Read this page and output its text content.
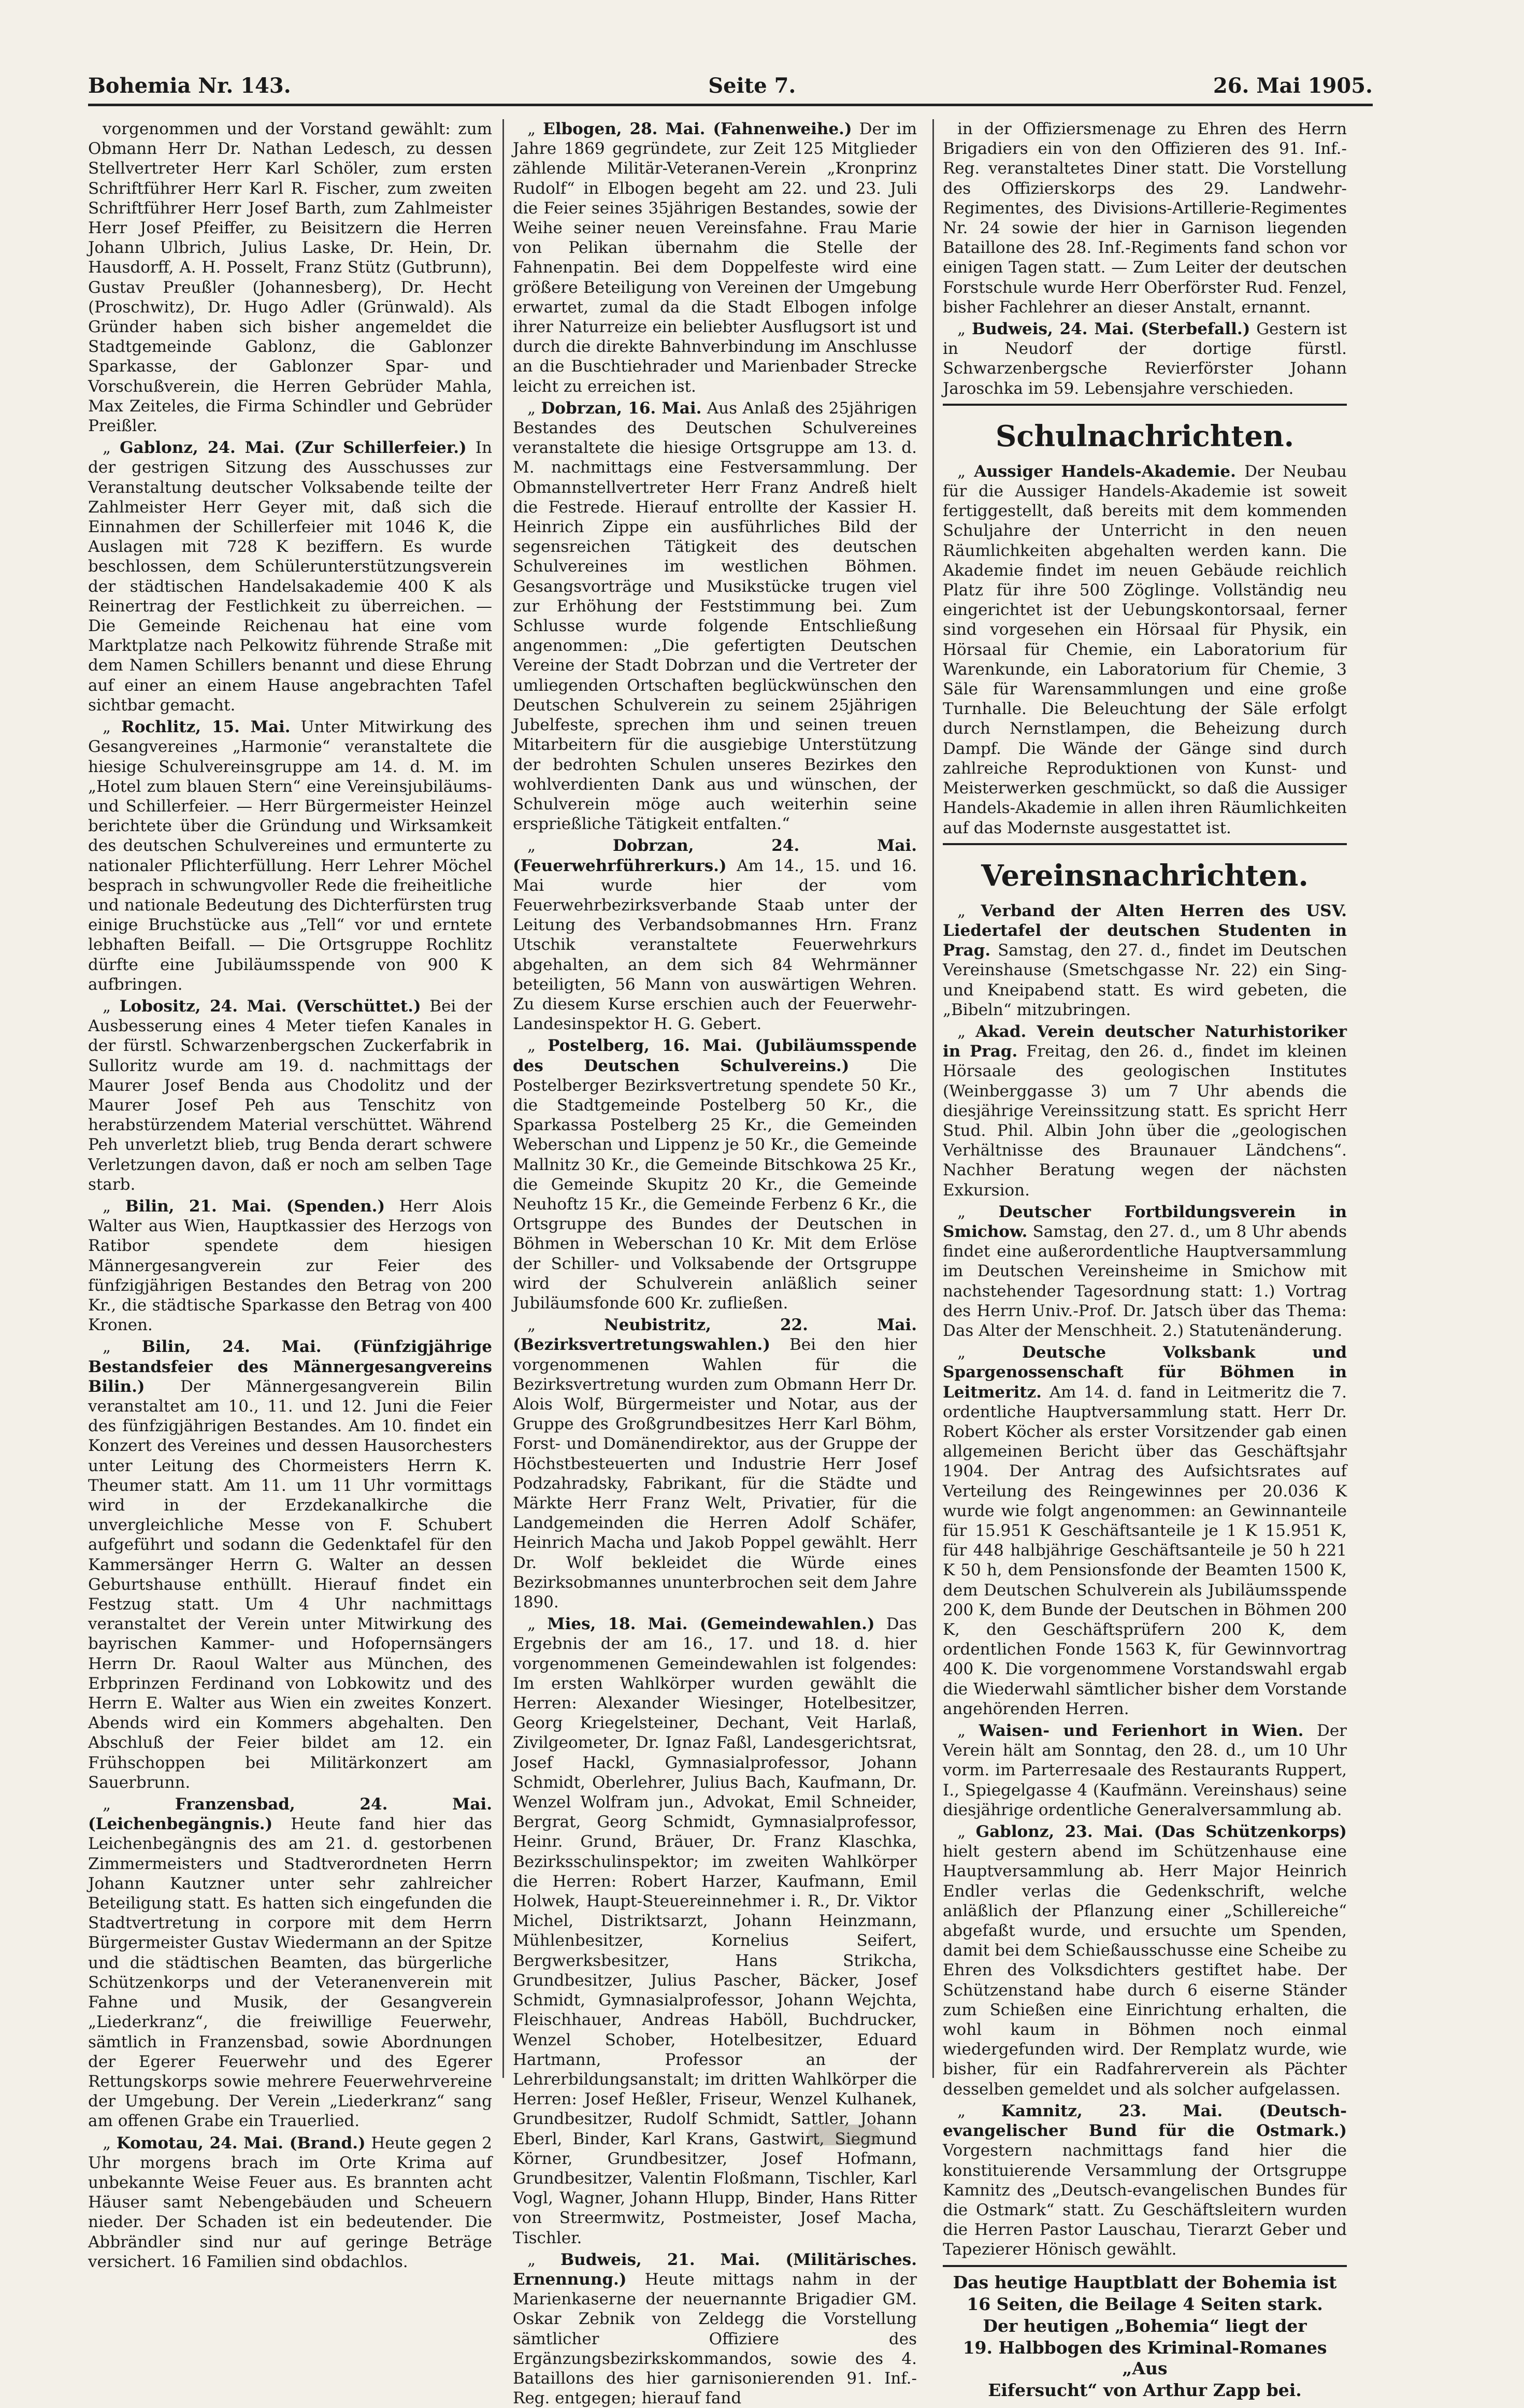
Bohemia Nr. 143.	Seite 7.	26. Mai 1905.

vorgenommen und der Vorstand gewählt: zum Obmann Herr Dr. Nathan Ledesch, zu dessen Stellvertreter Herr Karl Schöler, zum ersten Schriftführer Herr Karl R. Fischer, zum zweiten Schriftführer Herr Josef Barth, zum Zahlmeister Herr Josef Pfeiffer, zu Beisitzern die Herren Johann Ulbrich, Julius Laske, Dr. Hein, Dr. Hausdorff, A. H. Posselt, Franz Stütz (Gutbrunn), Gustav Preußler (Johannesberg), Dr. Hecht (Proschwitz), Dr. Hugo Adler (Grünwald). Als Gründer haben sich bisher angemeldet die Stadtgemeinde Gablonz, die Gablonzer Sparkasse, der Gablonzer Spar- und Vorschußverein, die Herren Gebrüder Mahla, Max Zeiteles, die Firma Schindler und Gebrüder Preißler.

„ Gablonz, 24. Mai. (Zur Schillerfeier.) In der gestrigen Sitzung des Ausschusses zur Veranstaltung deutscher Volksabende teilte der Zahlmeister Herr Geyer mit, daß sich die Einnahmen der Schillerfeier mit 1046 K, die Auslagen mit 728 K beziffern. Es wurde beschlossen, dem Schülerunterstützungsverein der städtischen Handelsakademie 400 K als Reinertrag der Festlichkeit zu überreichen. — Die Gemeinde Reichenau hat eine vom Marktplatze nach Pelkowitz führende Straße mit dem Namen Schillers benannt und diese Ehrung auf einer an einem Hause angebrachten Tafel sichtbar gemacht.

„ Rochlitz, 15. Mai. Unter Mitwirkung des Gesangvereines „Harmonie“ veranstaltete die hiesige Schulvereinsgruppe am 14. d. M. im „Hotel zum blauen Stern“ eine Vereinsjubiläums- und Schillerfeier. — Herr Bürgermeister Heinzel berichtete über die Gründung und Wirksamkeit des deutschen Schulvereines und ermunterte zu nationaler Pflichterfüllung. Herr Lehrer Möchel besprach in schwungvoller Rede die freiheitliche und nationale Bedeutung des Dichterfürsten trug einige Bruchstücke aus „Tell“ vor und erntete lebhaften Beifall. — Die Ortsgruppe Rochlitz dürfte eine Jubiläumsspende von 900 K aufbringen.

„ Lobositz, 24. Mai. (Verschüttet.) Bei der Ausbesserung eines 4 Meter tiefen Kanales in der fürstl. Schwarzenbergschen Zuckerfabrik in Sulloritz wurde am 19. d. nachmittags der Maurer Josef Benda aus Chodolitz und der Maurer Josef Peh aus Tenschitz von herabstürzendem Material verschüttet. Während Peh unverletzt blieb, trug Benda derart schwere Verletzungen davon, daß er noch am selben Tage starb.

„ Bilin, 21. Mai. (Spenden.) Herr Alois Walter aus Wien, Hauptkassier des Herzogs von Ratibor spendete dem hiesigen Männergesangverein zur Feier des fünfzigjährigen Bestandes den Betrag von 200 Kr., die städtische Sparkasse den Betrag von 400 Kronen.

„ Bilin, 24. Mai. (Fünfzigjährige Bestandsfeier des Männergesangvereins Bilin.) Der Männergesangverein Bilin veranstaltet am 10., 11. und 12. Juni die Feier des fünfzigjährigen Bestandes. Am 10. findet ein Konzert des Vereines und dessen Hausorchesters unter Leitung des Chormeisters Herrn K. Theumer statt. Am 11. um 11 Uhr vormittags wird in der Erzdekanalkirche die unvergleichliche Messe von F. Schubert aufgeführt und sodann die Gedenktafel für den Kammersänger Herrn G. Walter an dessen Geburtshause enthüllt. Hierauf findet ein Festzug statt. Um 4 Uhr nachmittags veranstaltet der Verein unter Mitwirkung des bayrischen Kammer- und Hofopernsängers Herrn Dr. Raoul Walter aus München, des Erbprinzen Ferdinand von Lobkowitz und des Herrn E. Walter aus Wien ein zweites Konzert. Abends wird ein Kommers abgehalten. Den Abschluß der Feier bildet am 12. ein Frühschoppen bei Militärkonzert am Sauerbrunn.

„ Franzensbad, 24. Mai. (Leichenbegängnis.) Heute fand hier das Leichenbegängnis des am 21. d. gestorbenen Zimmermeisters und Stadtverordneten Herrn Johann Kautzner unter sehr zahlreicher Beteiligung statt. Es hatten sich eingefunden die Stadtvertretung in corpore mit dem Herrn Bürgermeister Gustav Wiedermann an der Spitze und die städtischen Beamten, das bürgerliche Schützenkorps und der Veteranenverein mit Fahne und Musik, der Gesangverein „Liederkranz“, die freiwillige Feuerwehr, sämtlich in Franzensbad, sowie Abordnungen der Egerer Feuerwehr und des Egerer Rettungskorps sowie mehrere Feuerwehrvereine der Umgebung. Der Verein „Liederkranz“ sang am offenen Grabe ein Trauerlied.

„ Komotau, 24. Mai. (Brand.) Heute gegen 2 Uhr morgens brach im Orte Krima auf unbekannte Weise Feuer aus. Es brannten acht Häuser samt Nebengebäuden und Scheuern nieder. Der Schaden ist ein bedeutender. Die Abbrändler sind nur auf geringe Beträge versichert. 16 Familien sind obdachlos.

„ Elbogen, 28. Mai. (Fahnenweihe.) Der im Jahre 1869 gegründete, zur Zeit 125 Mitglieder zählende Militär-Veteranen-Verein „Kronprinz Rudolf“ in Elbogen begeht am 22. und 23. Juli die Feier seines 35jährigen Bestandes, sowie der Weihe seiner neuen Vereinsfahne. Frau Marie von Pelikan übernahm die Stelle der Fahnenpatin. Bei dem Doppelfeste wird eine größere Beteiligung von Vereinen der Umgebung erwartet, zumal da die Stadt Elbogen infolge ihrer Naturreize ein beliebter Ausflugsort ist und durch die direkte Bahnverbindung im Anschlusse an die Buschtiehrader und Marienbader Strecke leicht zu erreichen ist.

„ Dobrzan, 16. Mai. Aus Anlaß des 25jährigen Bestandes des Deutschen Schulvereines veranstaltete die hiesige Ortsgruppe am 13. d. M. nachmittags eine Festversammlung. Der Obmannstellvertreter Herr Franz Andreß hielt die Festrede. Hierauf entrollte der Kassier H. Heinrich Zippe ein ausführliches Bild der segensreichen Tätigkeit des deutschen Schulvereines im westlichen Böhmen. Gesangsvorträge und Musikstücke trugen viel zur Erhöhung der Feststimmung bei. Zum Schlusse wurde folgende Entschließung angenommen: „Die gefertigten Deutschen Vereine der Stadt Dobrzan und die Vertreter der umliegenden Ortschaften beglückwünschen den Deutschen Schulverein zu seinem 25jährigen Jubelfeste, sprechen ihm und seinen treuen Mitarbeitern für die ausgiebige Unterstützung der bedrohten Schulen unseres Bezirkes den wohlverdienten Dank aus und wünschen, der Schulverein möge auch weiterhin seine ersprießliche Tätigkeit entfalten.“

„ Dobrzan, 24. Mai. (Feuerwehrführerkurs.) Am 14., 15. und 16. Mai wurde hier der vom Feuerwehrbezirksverbande Staab unter der Leitung des Verbandsobmannes Hrn. Franz Utschik veranstaltete Feuerwehrkurs abgehalten, an dem sich 84 Wehrmänner beteiligten, 56 Mann von auswärtigen Wehren. Zu diesem Kurse erschien auch der Feuerwehr-Landesinspektor H. G. Gebert.

„ Postelberg, 16. Mai. (Jubiläumsspende des Deutschen Schulvereins.) Die Postelberger Bezirksvertretung spendete 50 Kr., die Stadtgemeinde Postelberg 50 Kr., die Sparkassa Postelberg 25 Kr., die Gemeinden Weberschan und Lippenz je 50 Kr., die Gemeinde Mallnitz 30 Kr., die Gemeinde Bitschkowa 25 Kr., die Gemeinde Skupitz 20 Kr., die Gemeinde Neuhoftz 15 Kr., die Gemeinde Ferbenz 6 Kr., die Ortsgruppe des Bundes der Deutschen in Böhmen in Weberschan 10 Kr. Mit dem Erlöse der Schiller- und Volksabende der Ortsgruppe wird der Schulverein anläßlich seiner Jubiläumsfonde 600 Kr. zufließen.

„ Neubistritz, 22. Mai. (Bezirksvertretungswahlen.) Bei den hier vorgenommenen Wahlen für die Bezirksvertretung wurden zum Obmann Herr Dr. Alois Wolf, Bürgermeister und Notar, aus der Gruppe des Großgrundbesitzes Herr Karl Böhm, Forst- und Domänendirektor, aus der Gruppe der Höchstbesteuerten und Industrie Herr Josef Podzahradsky, Fabrikant, für die Städte und Märkte Herr Franz Welt, Privatier, für die Landgemeinden die Herren Adolf Schäfer, Heinrich Macha und Jakob Poppel gewählt. Herr Dr. Wolf bekleidet die Würde eines Bezirksobmannes ununterbrochen seit dem Jahre 1890.

„ Mies, 18. Mai. (Gemeindewahlen.) Das Ergebnis der am 16., 17. und 18. d. hier vorgenommenen Gemeindewahlen ist folgendes: Im ersten Wahlkörper wurden gewählt die Herren: Alexander Wiesinger, Hotelbesitzer, Georg Kriegelsteiner, Dechant, Veit Harlaß, Zivilgeometer, Dr. Ignaz Faßl, Landesgerichtsrat, Josef Hackl, Gymnasialprofessor, Johann Schmidt, Oberlehrer, Julius Bach, Kaufmann, Dr. Wenzel Wolfram jun., Advokat, Emil Schneider, Bergrat, Georg Schmidt, Gymnasialprofessor, Heinr. Grund, Bräuer, Dr. Franz Klaschka, Bezirksschulinspektor; im zweiten Wahlkörper die Herren: Robert Harzer, Kaufmann, Emil Holwek, Haupt-Steuereinnehmer i. R., Dr. Viktor Michel, Distriktsarzt, Johann Heinzmann, Mühlenbesitzer, Kornelius Seifert, Bergwerksbesitzer, Hans Strikcha, Grundbesitzer, Julius Pascher, Bäcker, Josef Schmidt, Gymnasialprofessor, Johann Wejchta, Fleischhauer, Andreas Haböll, Buchdrucker, Wenzel Schober, Hotelbesitzer, Eduard Hartmann, Professor an der Lehrerbildungsanstalt; im dritten Wahlkörper die Herren: Josef Heßler, Friseur, Wenzel Kulhanek, Grundbesitzer, Rudolf Schmidt, Sattler, Johann Eberl, Binder, Karl Krans, Gastwirt, Siegmund Körner, Grundbesitzer, Josef Hofmann, Grundbesitzer, Valentin Floßmann, Tischler, Karl Vogl, Wagner, Johann Hlupp, Binder, Hans Ritter von Streermwitz, Postmeister, Josef Macha, Tischler.

„ Budweis, 21. Mai. (Militärisches. Ernennung.) Heute mittags nahm in der Marienkaserne der neuernannte Brigadier GM. Oskar Zebnik von Zeldegg die Vorstellung sämtlicher Offiziere des Ergänzungsbezirkskommandos, sowie des 4. Bataillons des hier garnisonierenden 91. Inf.-Reg. entgegen; hierauf fand

in der Offiziersmenage zu Ehren des Herrn Brigadiers ein von den Offizieren des 91. Inf.-Reg. veranstaltetes Diner statt. Die Vorstellung des Offizierskorps des 29. Landwehr-Regimentes, des Divisions-Artillerie-Regimentes Nr. 24 sowie der hier in Garnison liegenden Bataillone des 28. Inf.-Regiments fand schon vor einigen Tagen statt. — Zum Leiter der deutschen Forstschule wurde Herr Oberförster Rud. Fenzel, bisher Fachlehrer an dieser Anstalt, ernannt.

„ Budweis, 24. Mai. (Sterbefall.) Gestern ist in Neudorf der dortige fürstl. Schwarzenbergsche Revierförster Johann Jaroschka im 59. Lebensjahre verschieden.

Schulnachrichten.

„ Aussiger Handels-Akademie. Der Neubau für die Aussiger Handels-Akademie ist soweit fertiggestellt, daß bereits mit dem kommenden Schuljahre der Unterricht in den neuen Räumlichkeiten abgehalten werden kann. Die Akademie findet im neuen Gebäude reichlich Platz für ihre 500 Zöglinge. Vollständig neu eingerichtet ist der Uebungskontorsaal, ferner sind vorgesehen ein Hörsaal für Physik, ein Hörsaal für Chemie, ein Laboratorium für Warenkunde, ein Laboratorium für Chemie, 3 Säle für Warensammlungen und eine große Turnhalle. Die Beleuchtung der Säle erfolgt durch Nernstlampen, die Beheizung durch Dampf. Die Wände der Gänge sind durch zahlreiche Reproduktionen von Kunst- und Meisterwerken geschmückt, so daß die Aussiger Handels-Akademie in allen ihren Räumlichkeiten auf das Modernste ausgestattet ist.

Vereinsnachrichten.

„ Verband der Alten Herren des USV. Liedertafel der deutschen Studenten in Prag. Samstag, den 27. d., findet im Deutschen Vereinshause (Smetschgasse Nr. 22) ein Sing- und Kneipabend statt. Es wird gebeten, die „Bibeln“ mitzubringen.

„ Akad. Verein deutscher Naturhistoriker in Prag. Freitag, den 26. d., findet im kleinen Hörsaale des geologischen Institutes (Weinberggasse 3) um 7 Uhr abends die diesjährige Vereinssitzung statt. Es spricht Herr Stud. Phil. Albin John über die „geologischen Verhältnisse des Braunauer Ländchens“. Nachher Beratung wegen der nächsten Exkursion.

„ Deutscher Fortbildungsverein in Smichow. Samstag, den 27. d., um 8 Uhr abends findet eine außerordentliche Hauptversammlung im Deutschen Vereinsheime in Smichow mit nachstehender Tagesordnung statt: 1.) Vortrag des Herrn Univ.-Prof. Dr. Jatsch über das Thema: Das Alter der Menschheit. 2.) Statutenänderung.

„ Deutsche Volksbank und Spargenossenschaft für Böhmen in Leitmeritz. Am 14. d. fand in Leitmeritz die 7. ordentliche Hauptversammlung statt. Herr Dr. Robert Köcher als erster Vorsitzender gab einen allgemeinen Bericht über das Geschäftsjahr 1904. Der Antrag des Aufsichtsrates auf Verteilung des Reingewinnes per 20.036 K wurde wie folgt angenommen: an Gewinnanteile für 15.951 K Geschäftsanteile je 1 K 15.951 K, für 448 halbjährige Geschäftsanteile je 50 h 221 K 50 h, dem Pensionsfonde der Beamten 1500 K, dem Deutschen Schulverein als Jubiläumsspende 200 K, dem Bunde der Deutschen in Böhmen 200 K, den Geschäftsprüfern 200 K, dem ordentlichen Fonde 1563 K, für Gewinnvortrag 400 K. Die vorgenommene Vorstandswahl ergab die Wiederwahl sämtlicher bisher dem Vorstande angehörenden Herren.

„ Waisen- und Ferienhort in Wien. Der Verein hält am Sonntag, den 28. d., um 10 Uhr vorm. im Parterresaale des Restaurants Ruppert, I., Spiegelgasse 4 (Kaufmänn. Vereinshaus) seine diesjährige ordentliche Generalversammlung ab.

„ Gablonz, 23. Mai. (Das Schützenkorps) hielt gestern abend im Schützenhause eine Hauptversammlung ab. Herr Major Heinrich Endler verlas die Gedenkschrift, welche anläßlich der Pflanzung einer „Schillereiche“ abgefaßt wurde, und ersuchte um Spenden, damit bei dem Schießausschusse eine Scheibe zu Ehren des Volksdichters gestiftet habe. Der Schützenstand habe durch 6 eiserne Ständer zum Schießen eine Einrichtung erhalten, die wohl kaum in Böhmen noch einmal wiedergefunden wird. Der Remplatz wurde, wie bisher, für ein Radfahrerverein als Pächter desselben gemeldet und als solcher aufgelassen.

„ Kamnitz, 23. Mai. (Deutsch-evangelischer Bund für die Ostmark.) Vorgestern nachmittags fand hier die konstituierende Versammlung der Ortsgruppe Kamnitz des „Deutsch-evangelischen Bundes für die Ostmark“ statt. Zu Geschäftsleitern wurden die Herren Pastor Lauschau, Tierarzt Geber und Tapezierer Hönisch gewählt.

Das heutige Hauptblatt der Bohemia ist

16 Seiten, die Beilage 4 Seiten stark.

Der heutigen „Bohemia“ liegt der

19. Halbbogen des Kriminal-Romanes „Aus

Eifersucht“ von Arthur Zapp bei.
